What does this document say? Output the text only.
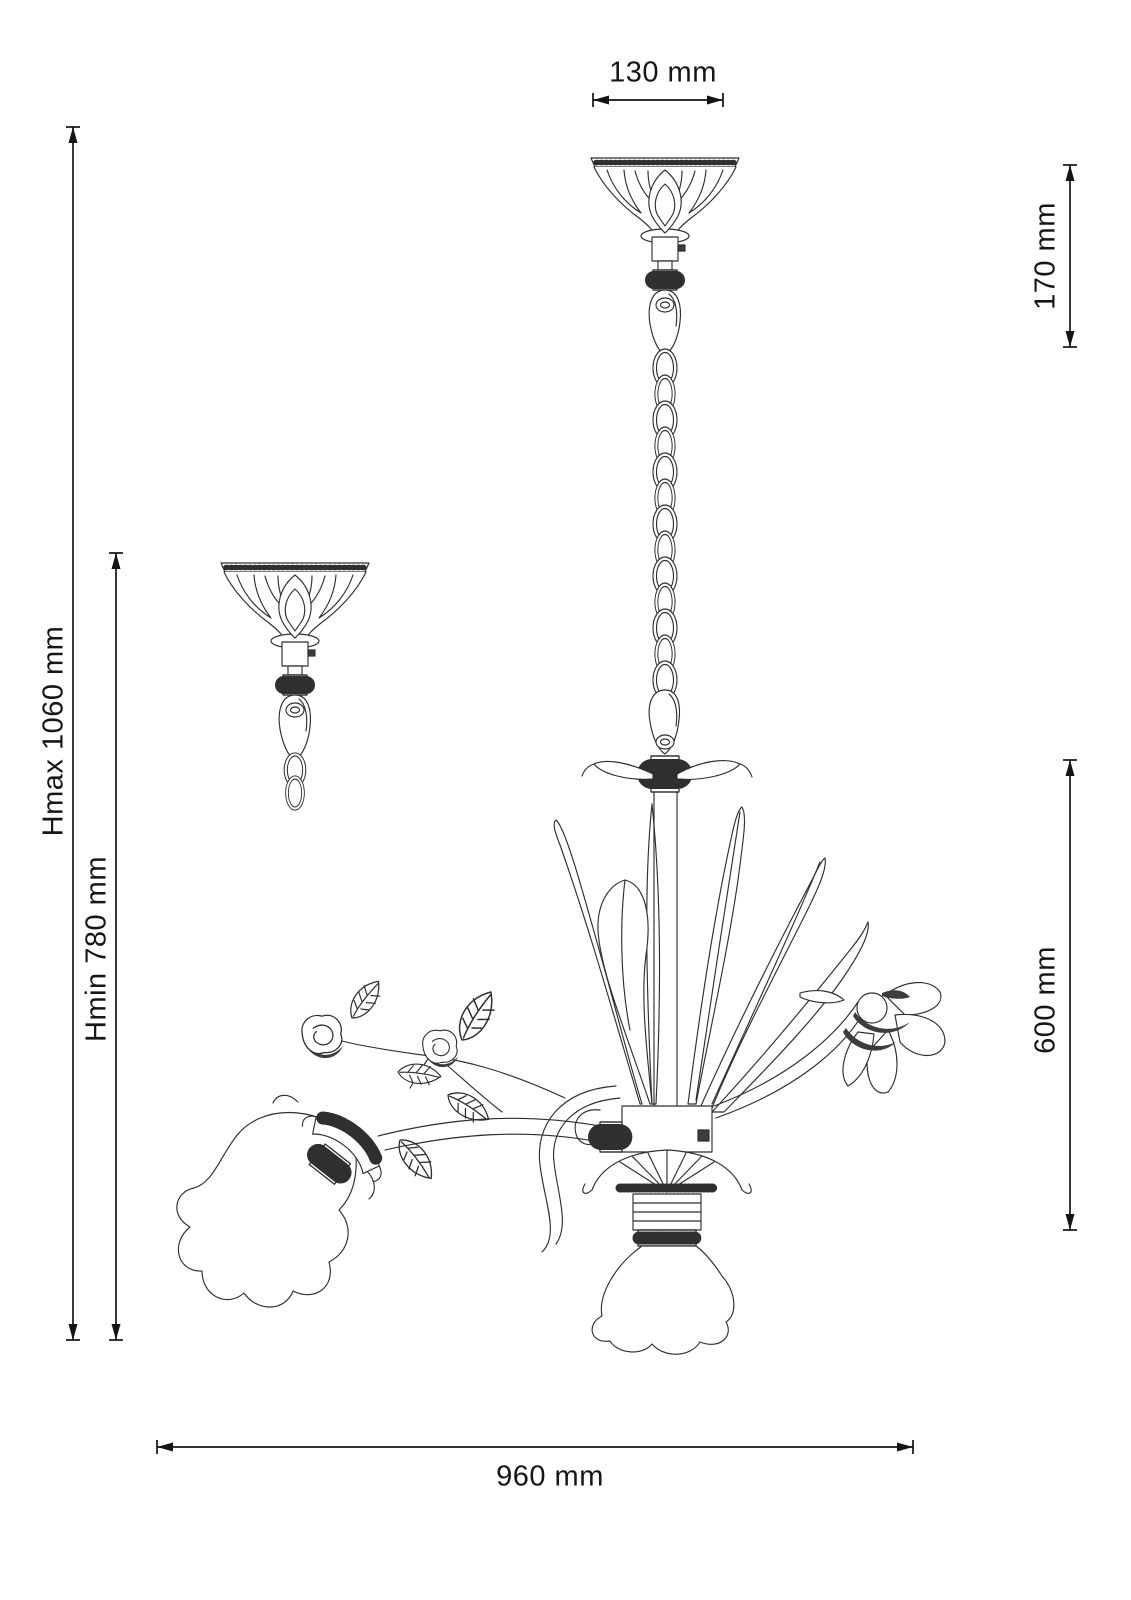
130 mm
170 mm
Hmax 1060 mm
Hmin 780 mm	600 mm
960 mm
